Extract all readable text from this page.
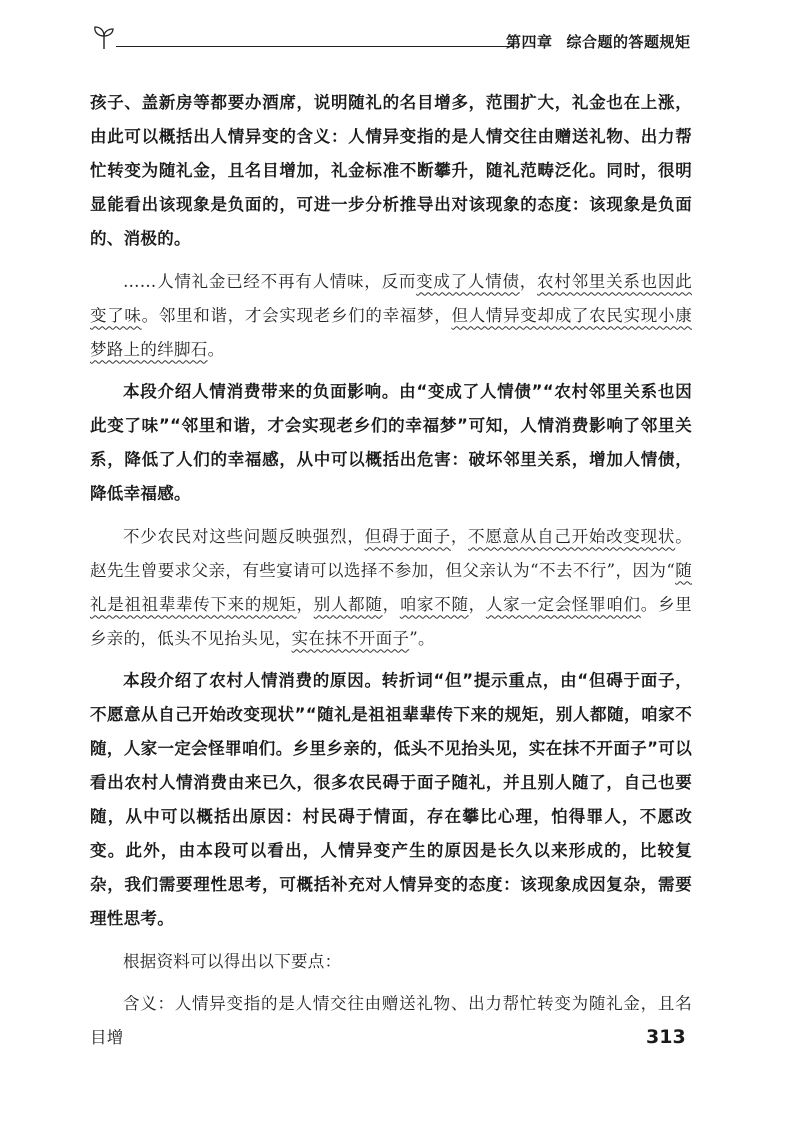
第四章 综合题的答题规矩

孩子、盖新房等都要办酒席，说明随礼的名目增多，范围扩大，礼金也在上涨，由此可以概括出人情异变的含义：人情异变指的是人情交往由赠送礼物、出力帮忙转变为随礼金，且名目增加，礼金标准不断攀升，随礼范畴泛化。同时，很明显能看出该现象是负面的，可进一步分析推导出对该现象的态度：该现象是负面的、消极的。

……人情礼金已经不再有人情味，反而变成了人情债，农村邻里关系也因此变了味。邻里和谐，才会实现老乡们的幸福梦，但人情异变却成了农民实现小康梦路上的绊脚石。

本段介绍人情消费带来的负面影响。由“变成了人情债”“农村邻里关系也因此变了味”“邻里和谐，才会实现老乡们的幸福梦”可知，人情消费影响了邻里关系，降低了人们的幸福感，从中可以概括出危害：破坏邻里关系，增加人情债，降低幸福感。

不少农民对这些问题反映强烈，但碍于面子，不愿意从自己开始改变现状。赵先生曾要求父亲，有些宴请可以选择不参加，但父亲认为“不去不行”，因为“随礼是祖祖辈辈传下来的规矩，别人都随，咱家不随，人家一定会怪罪咱们。乡里乡亲的，低头不见抬头见，实在抹不开面子”。

本段介绍了农村人情消费的原因。转折词“但”提示重点，由“但碍于面子，不愿意从自己开始改变现状”“随礼是祖祖辈辈传下来的规矩，别人都随，咱家不随，人家一定会怪罪咱们。乡里乡亲的，低头不见抬头见，实在抹不开面子”可以看出农村人情消费由来已久，很多农民碍于面子随礼，并且别人随了，自己也要随，从中可以概括出原因：村民碍于情面，存在攀比心理，怕得罪人，不愿改变。此外，由本段可以看出，人情异变产生的原因是长久以来形成的，比较复杂，我们需要理性思考，可概括补充对人情异变的态度：该现象成因复杂，需要理性思考。

根据资料可以得出以下要点：

含义：人情异变指的是人情交往由赠送礼物、出力帮忙转变为随礼金，且名目增	313
